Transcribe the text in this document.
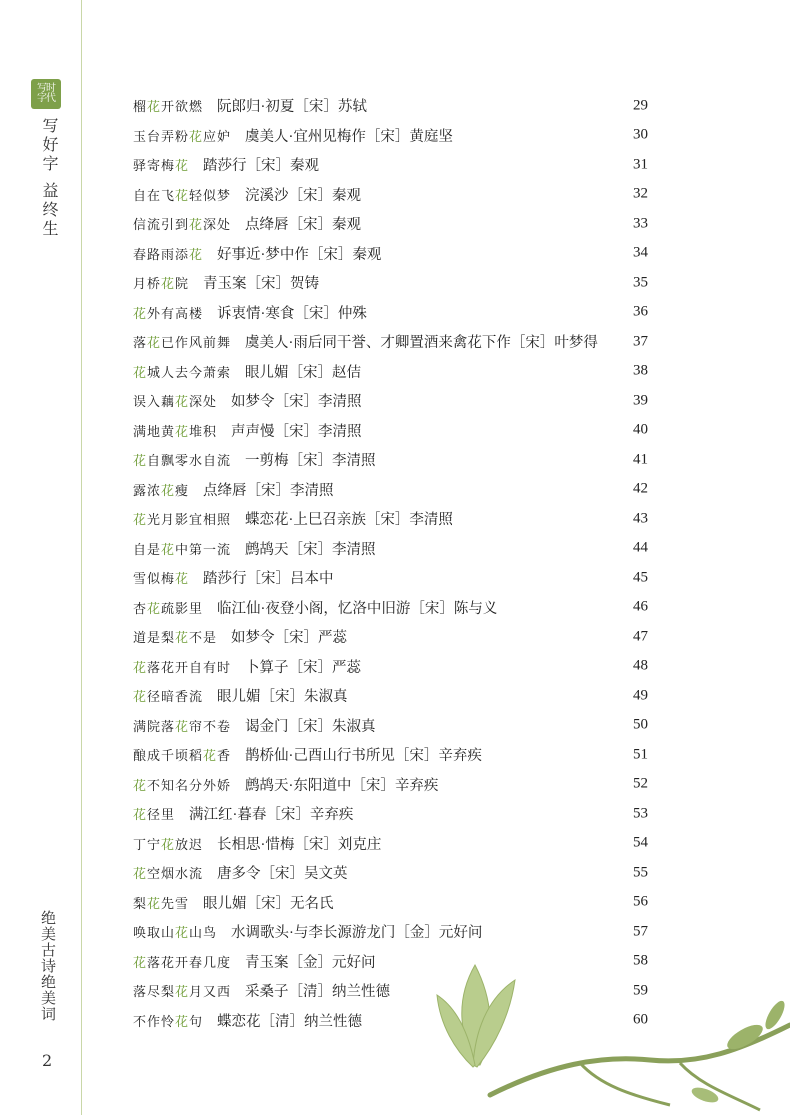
写时字代
写好字 益终生
绝美古诗绝美词
2
榴花开欲燃 阮郎归·初夏［宋］苏轼	29
玉台弄粉花应妒 虞美人·宜州见梅作［宋］黄庭坚	30
驿寄梅花 踏莎行［宋］秦观	31
自在飞花轻似梦 浣溪沙［宋］秦观	32
信流引到花深处 点绛唇［宋］秦观	33
春路雨添花 好事近·梦中作［宋］秦观	34
月桥花院 青玉案［宋］贺铸	35
花外有高楼 诉衷情·寒食［宋］仲殊	36
落花已作风前舞 虞美人·雨后同干誉、才卿置酒来禽花下作［宋］叶梦得 37
花城人去今萧索 眼儿媚［宋］赵佶	38
误入藕花深处 如梦令［宋］李清照	39
满地黄花堆积 声声慢［宋］李清照	40
花自飘零水自流 一剪梅［宋］李清照	41
露浓花瘦 点绛唇［宋］李清照	42
花光月影宜相照 蝶恋花·上巳召亲族［宋］李清照	43
自是花中第一流 鹧鸪天［宋］李清照	44
雪似梅花 踏莎行［宋］吕本中	45
杏花疏影里 临江仙·夜登小阁，忆洛中旧游［宋］陈与义	46
道是梨花不是 如梦令［宋］严蕊	47
花落花开自有时 卜算子［宋］严蕊	48
花径暗香流 眼儿媚［宋］朱淑真	49
满院落花帘不卷 谒金门［宋］朱淑真	50
酿成千顷稻花香 鹊桥仙·己酉山行书所见［宋］辛弃疾	51
花不知名分外娇 鹧鸪天·东阳道中［宋］辛弃疾	52
花径里 满江红·暮春［宋］辛弃疾	53
丁宁花放迟 长相思·惜梅［宋］刘克庄	54
花空烟水流 唐多令［宋］吴文英	55
梨花先雪 眼儿媚［宋］无名氏	56
唤取山花山鸟 水调歌头·与李长源游龙门［金］元好问	57
花落花开春几度 青玉案［金］元好问	58
落尽梨花月又西 采桑子［清］纳兰性德	59
不作怜花句 蝶恋花［清］纳兰性德	60
